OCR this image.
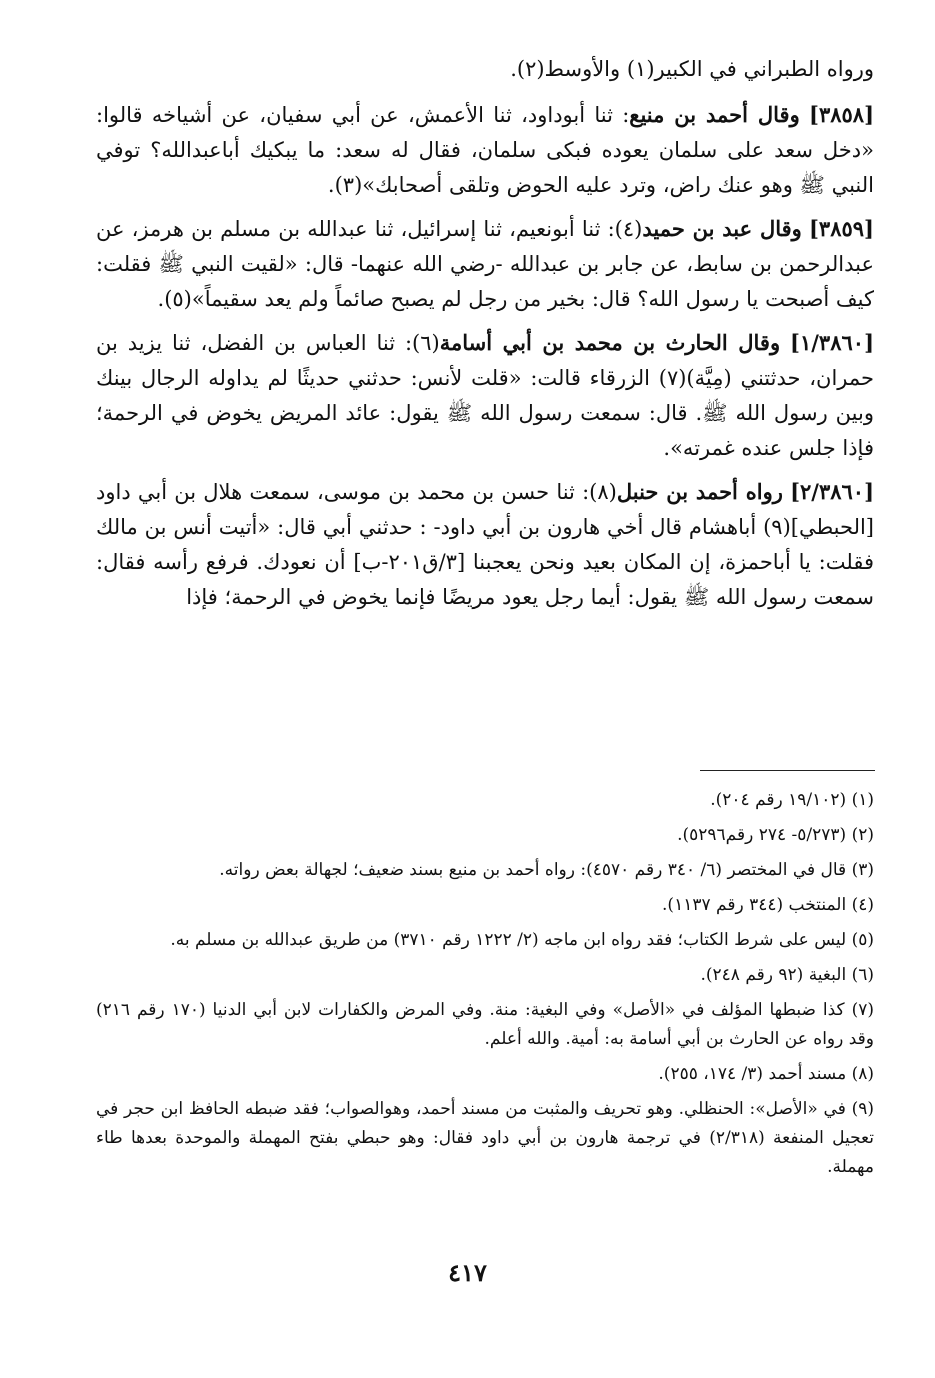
ورواه الطبراني في الكبير(١) والأوسط(٢).

[٣٨٥٨] وقال أحمد بن منيع: ثنا أبوداود، ثنا الأعمش، عن أبي سفيان، عن أشياخه قالوا: «دخل سعد على سلمان يعوده فبكى سلمان، فقال له سعد: ما يبكيك أباعبدالله؟ توفي النبي ﷺ وهو عنك راض، وترد عليه الحوض وتلقى أصحابك»(٣).

[٣٨٥٩] وقال عبد بن حميد(٤): ثنا أبونعيم، ثنا إسرائيل، ثنا عبدالله بن مسلم بن هرمز، عن عبدالرحمن بن سابط، عن جابر بن عبدالله -رضي الله عنهما- قال: «لقيت النبي ﷺ فقلت: كيف أصبحت يا رسول الله؟ قال: بخير من رجل لم يصبح صائماً ولم يعد سقيماً»(٥).

[١/٣٨٦٠] وقال الحارث بن محمد بن أبي أسامة(٦): ثنا العباس بن الفضل، ثنا يزيد بن حمران، حدثتني (مِيَّة)(٧) الزرقاء قالت: «قلت لأنس: حدثني حديثًا لم يداوله الرجال بينك وبين رسول الله ﷺ. قال: سمعت رسول الله ﷺ يقول: عائد المريض يخوض في الرحمة؛ فإذا جلس عنده غمرته».

[٢/٣٨٦٠] رواه أحمد بن حنبل(٨): ثنا حسن بن محمد بن موسى، سمعت هلال بن أبي داود [الحبطي](٩) أباهشام قال أخي هارون بن أبي داود- : حدثني أبي قال: «أتيت أنس بن مالك فقلت: يا أباحمزة، إن المكان بعيد ونحن يعجبنا [٣/ق٢٠١-ب] أن نعودك. فرفع رأسه فقال: سمعت رسول الله ﷺ يقول: أيما رجل يعود مريضًا فإنما يخوض في الرحمة؛ فإذا

(١) (١٩/١٠٢ رقم ٢٠٤).

(٢) (٥/٢٧٣- ٢٧٤ رقم٥٢٩٦).

(٣) قال في المختصر (٦/ ٣٤٠ رقم ٤٥٧٠): رواه أحمد بن منيع بسند ضعيف؛ لجهالة بعض رواته.

(٤) المنتخب (٣٤٤ رقم ١١٣٧).

(٥) ليس على شرط الكتاب؛ فقد رواه ابن ماجه (٢/ ١٢٢٢ رقم ٣٧١٠) من طريق عبدالله بن مسلم به.

(٦) البغية (٩٢ رقم ٢٤٨).

(٧) كذا ضبطها المؤلف في «الأصل» وفي البغية: منة. وفي المرض والكفارات لابن أبي الدنيا (١٧٠ رقم ٢١٦) وقد رواه عن الحارث بن أبي أسامة به: أمية. والله أعلم.

(٨) مسند أحمد (٣/ ١٧٤، ٢٥٥).

(٩) في «الأصل»: الحنظلي. وهو تحريف والمثبت من مسند أحمد، وهوالصواب؛ فقد ضبطه الحافظ ابن حجر في تعجيل المنفعة (٢/٣١٨) في ترجمة هارون بن أبي داود فقال: وهو حبطي بفتح المهملة والموحدة بعدها طاء مهملة.

٤١٧
